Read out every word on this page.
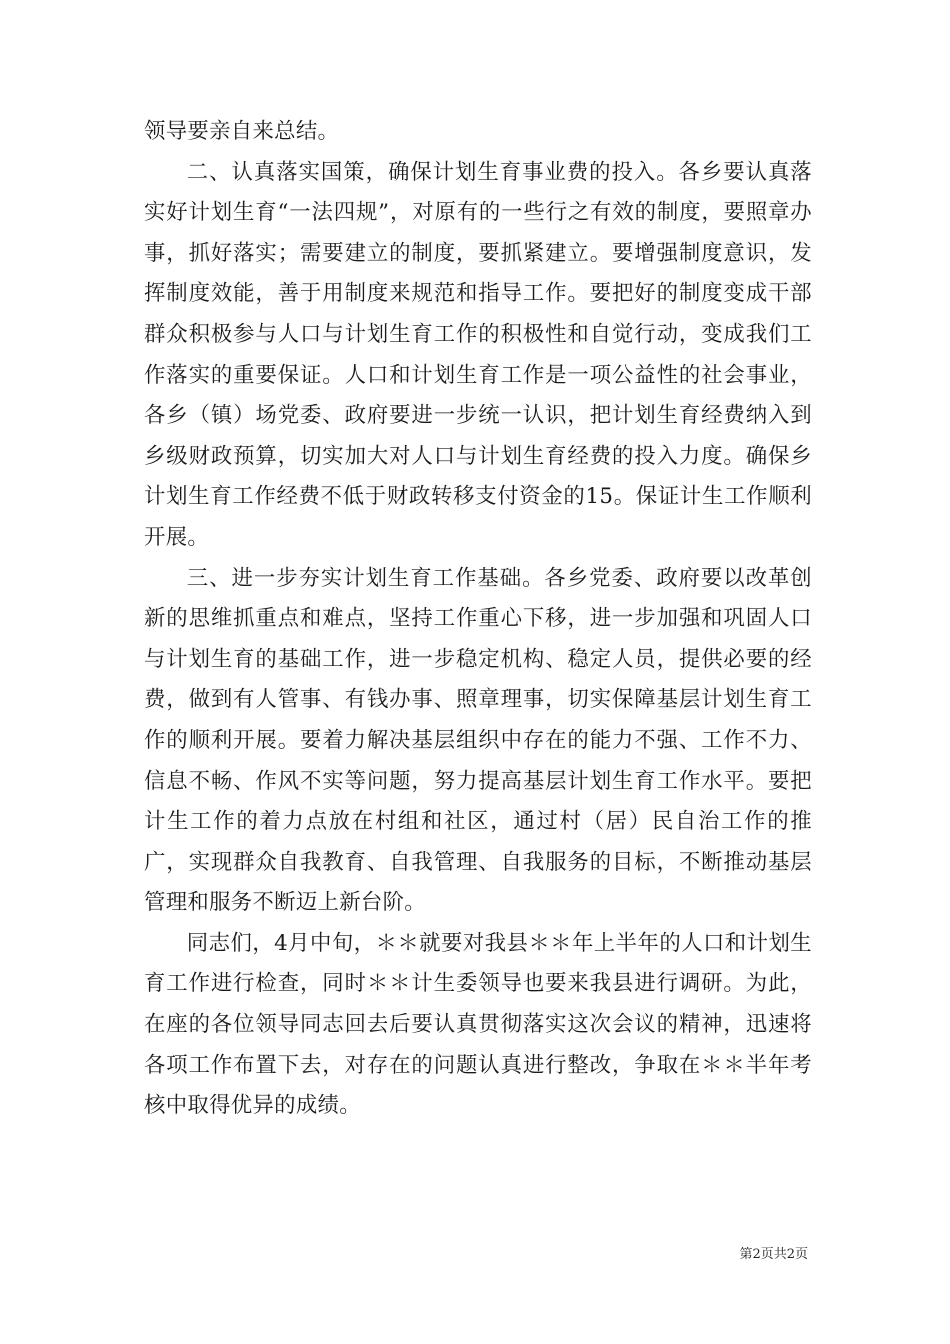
领导要亲自来总结。

二、认真落实国策，确保计划生育事业费的投入。各乡要认真落实好计划生育“一法四规”，对原有的一些行之有效的制度，要照章办事，抓好落实；需要建立的制度，要抓紧建立。要增强制度意识，发挥制度效能，善于用制度来规范和指导工作。要把好的制度变成干部群众积极参与人口与计划生育工作的积极性和自觉行动，变成我们工作落实的重要保证。人口和计划生育工作是一项公益性的社会事业，各乡（镇）场党委、政府要进一步统一认识，把计划生育经费纳入到乡级财政预算，切实加大对人口与计划生育经费的投入力度。确保乡计划生育工作经费不低于财政转移支付资金的15。保证计生工作顺利开展。

三、进一步夯实计划生育工作基础。各乡党委、政府要以改革创新的思维抓重点和难点，坚持工作重心下移，进一步加强和巩固人口与计划生育的基础工作，进一步稳定机构、稳定人员，提供必要的经费，做到有人管事、有钱办事、照章理事，切实保障基层计划生育工作的顺利开展。要着力解决基层组织中存在的能力不强、工作不力、信息不畅、作风不实等问题，努力提高基层计划生育工作水平。要把计生工作的着力点放在村组和社区，通过村（居）民自治工作的推广，实现群众自我教育、自我管理、自我服务的目标，不断推动基层管理和服务不断迈上新台阶。

同志们，4月中旬，＊＊就要对我县＊＊年上半年的人口和计划生育工作进行检查，同时＊＊计生委领导也要来我县进行调研。为此，在座的各位领导同志回去后要认真贯彻落实这次会议的精神，迅速将各项工作布置下去，对存在的问题认真进行整改，争取在＊＊半年考核中取得优异的成绩。

第2页共2页
